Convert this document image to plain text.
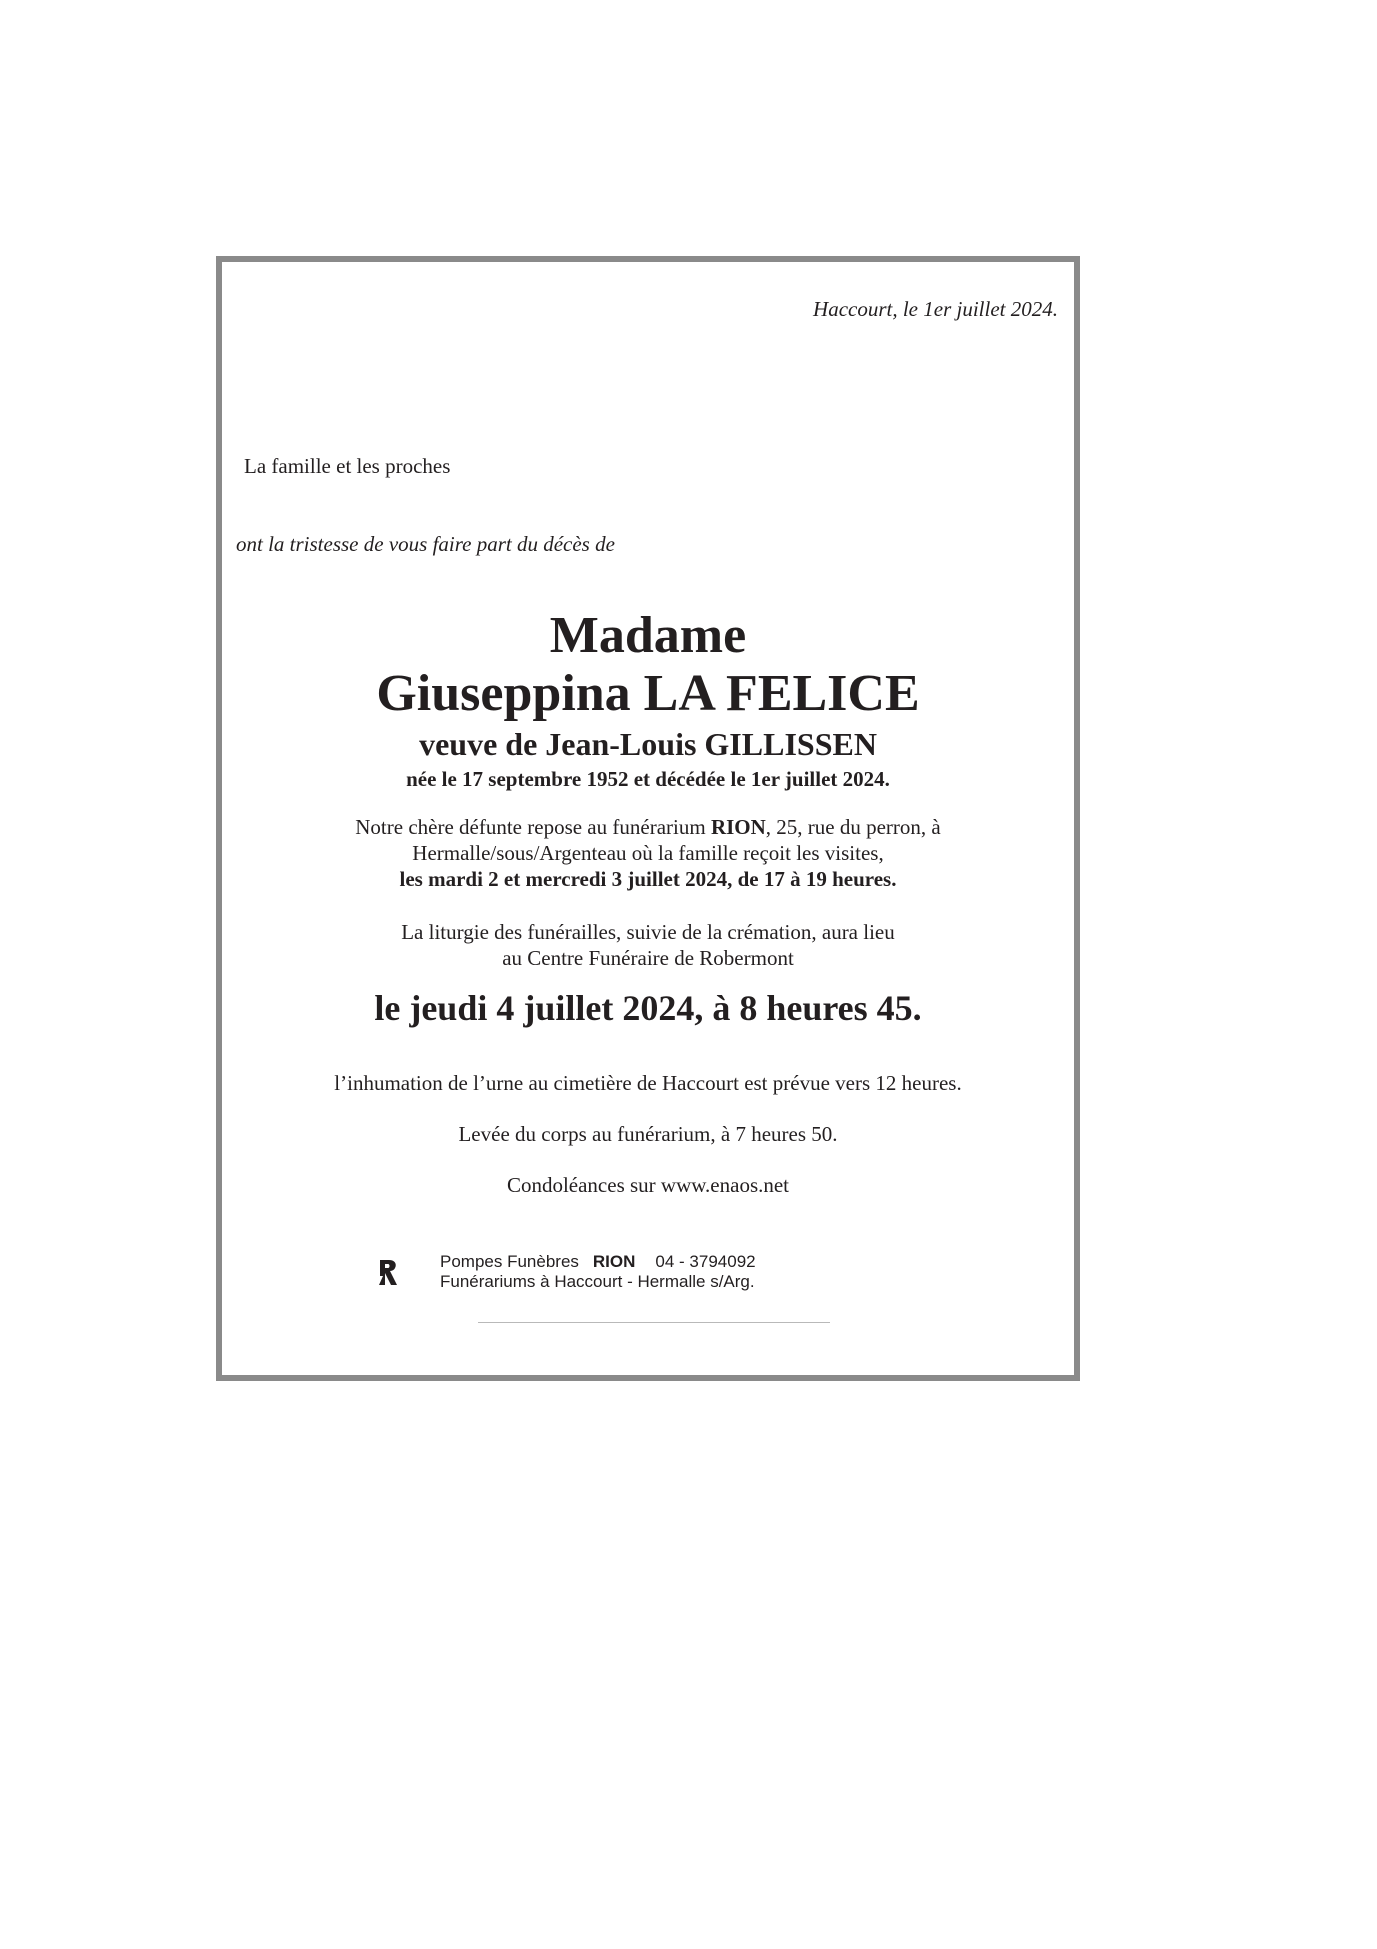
Haccourt, le 1er juillet 2024.

La famille et les proches

ont la tristesse de vous faire part du décès de

Madame

Giuseppina LA FELICE

veuve de Jean-Louis GILLISSEN

née le 17 septembre 1952 et décédée le 1er juillet 2024.

Notre chère défunte repose au funérarium RION, 25, rue du perron, à
Hermalle/sous/Argenteau où la famille reçoit les visites,
les mardi 2 et mercredi 3 juillet 2024, de 17 à 19 heures.
La liturgie des funérailles, suivie de la crémation, aura lieu
au Centre Funéraire de Robermont

le jeudi 4 juillet 2024, à 8 heures 45.

l’inhumation de l’urne au cimetière de Haccourt est prévue vers 12 heures.

Levée du corps au funérarium, à 7 heures 50.

Condoléances sur www.enaos.net

Pompes Funèbres RION 04 - 3794092
Funérariums à Haccourt - Hermalle s/Arg.
